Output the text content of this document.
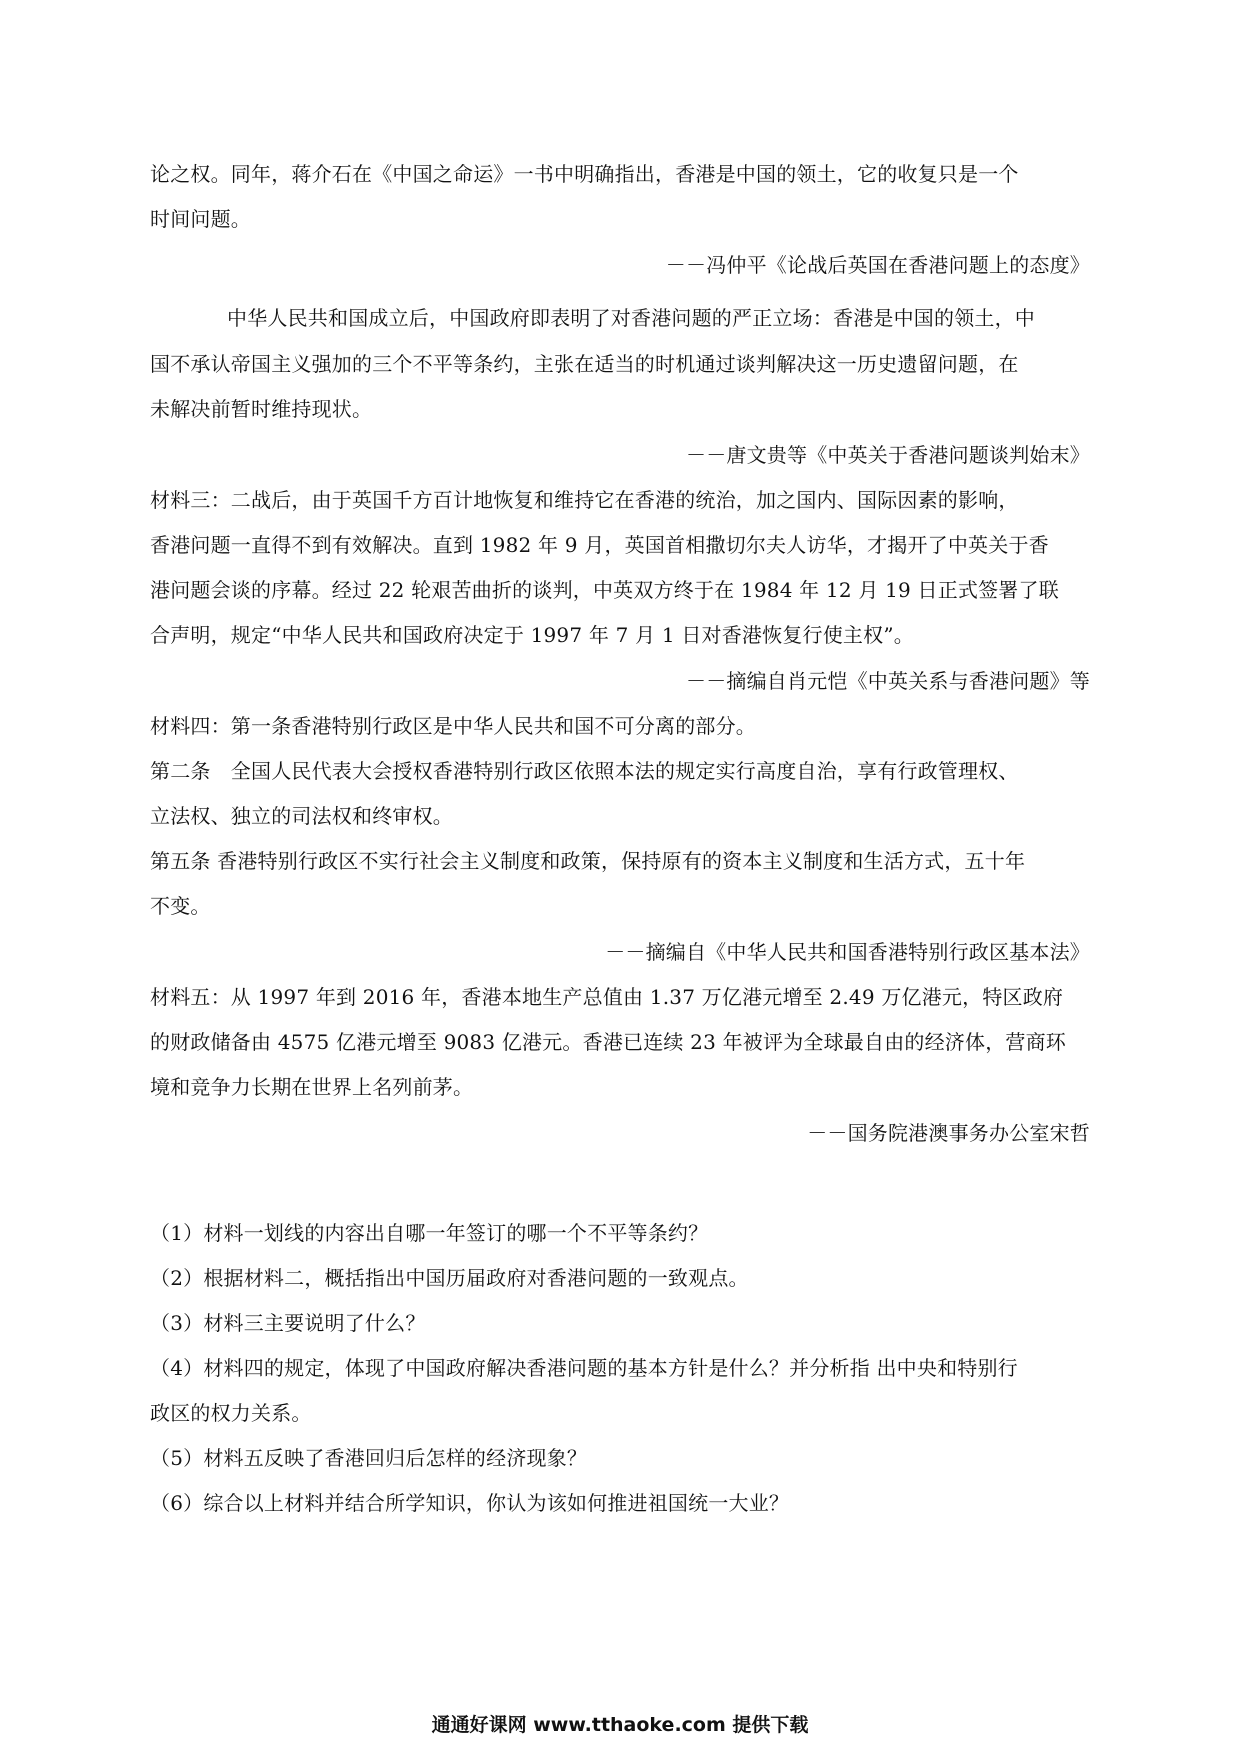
论之权。同年，蒋介石在《中国之命运》一书中明确指出，香港是中国的领土，它的收复只是一个
时间问题。
－－冯仲平《论战后英国在香港问题上的态度》
中华人民共和国成立后，中国政府即表明了对香港问题的严正立场：香港是中国的领土，中
国不承认帝国主义强加的三个不平等条约，主张在适当的时机通过谈判解决这一历史遗留问题，在
未解决前暂时维持现状。
－－唐文贵等《中英关于香港问题谈判始末》
材料三：二战后，由于英国千方百计地恢复和维持它在香港的统治，加之国内、国际因素的影响，
香港问题一直得不到有效解决。直到 1982 年 9 月，英国首相撒切尔夫人访华，才揭开了中英关于香
港问题会谈的序幕。经过 22 轮艰苦曲折的谈判，中英双方终于在 1984 年 12 月 19 日正式签署了联
合声明，规定“中华人民共和国政府决定于 1997 年 7 月 1 日对香港恢复行使主权”。
－－摘编自肖元恺《中英关系与香港问题》等
材料四：第一条香港特别行政区是中华人民共和国不可分离的部分。
第二条　全国人民代表大会授权香港特别行政区依照本法的规定实行高度自治，享有行政管理权、
立法权、独立的司法权和终审权。
第五条 香港特别行政区不实行社会主义制度和政策，保持原有的资本主义制度和生活方式，五十年
不变。
－－摘编自《中华人民共和国香港特别行政区基本法》
材料五：从 1997 年到 2016 年，香港本地生产总值由 1.37 万亿港元增至 2.49 万亿港元，特区政府
的财政储备由 4575 亿港元增至 9083 亿港元。香港已连续 23 年被评为全球最自由的经济体，营商环
境和竞争力长期在世界上名列前茅。
－－国务院港澳事务办公室宋哲
（1）材料一划线的内容出自哪一年签订的哪一个不平等条约？
（2）根据材料二，概括指出中国历届政府对香港问题的一致观点。
（3）材料三主要说明了什么？
（4）材料四的规定，体现了中国政府解决香港问题的基本方针是什么？并分析指 出中央和特别行
政区的权力关系。
（5）材料五反映了香港回归后怎样的经济现象？
（6）综合以上材料并结合所学知识，你认为该如何推进祖国统一大业？
通通好课网 www.tthaoke.com 提供下载
